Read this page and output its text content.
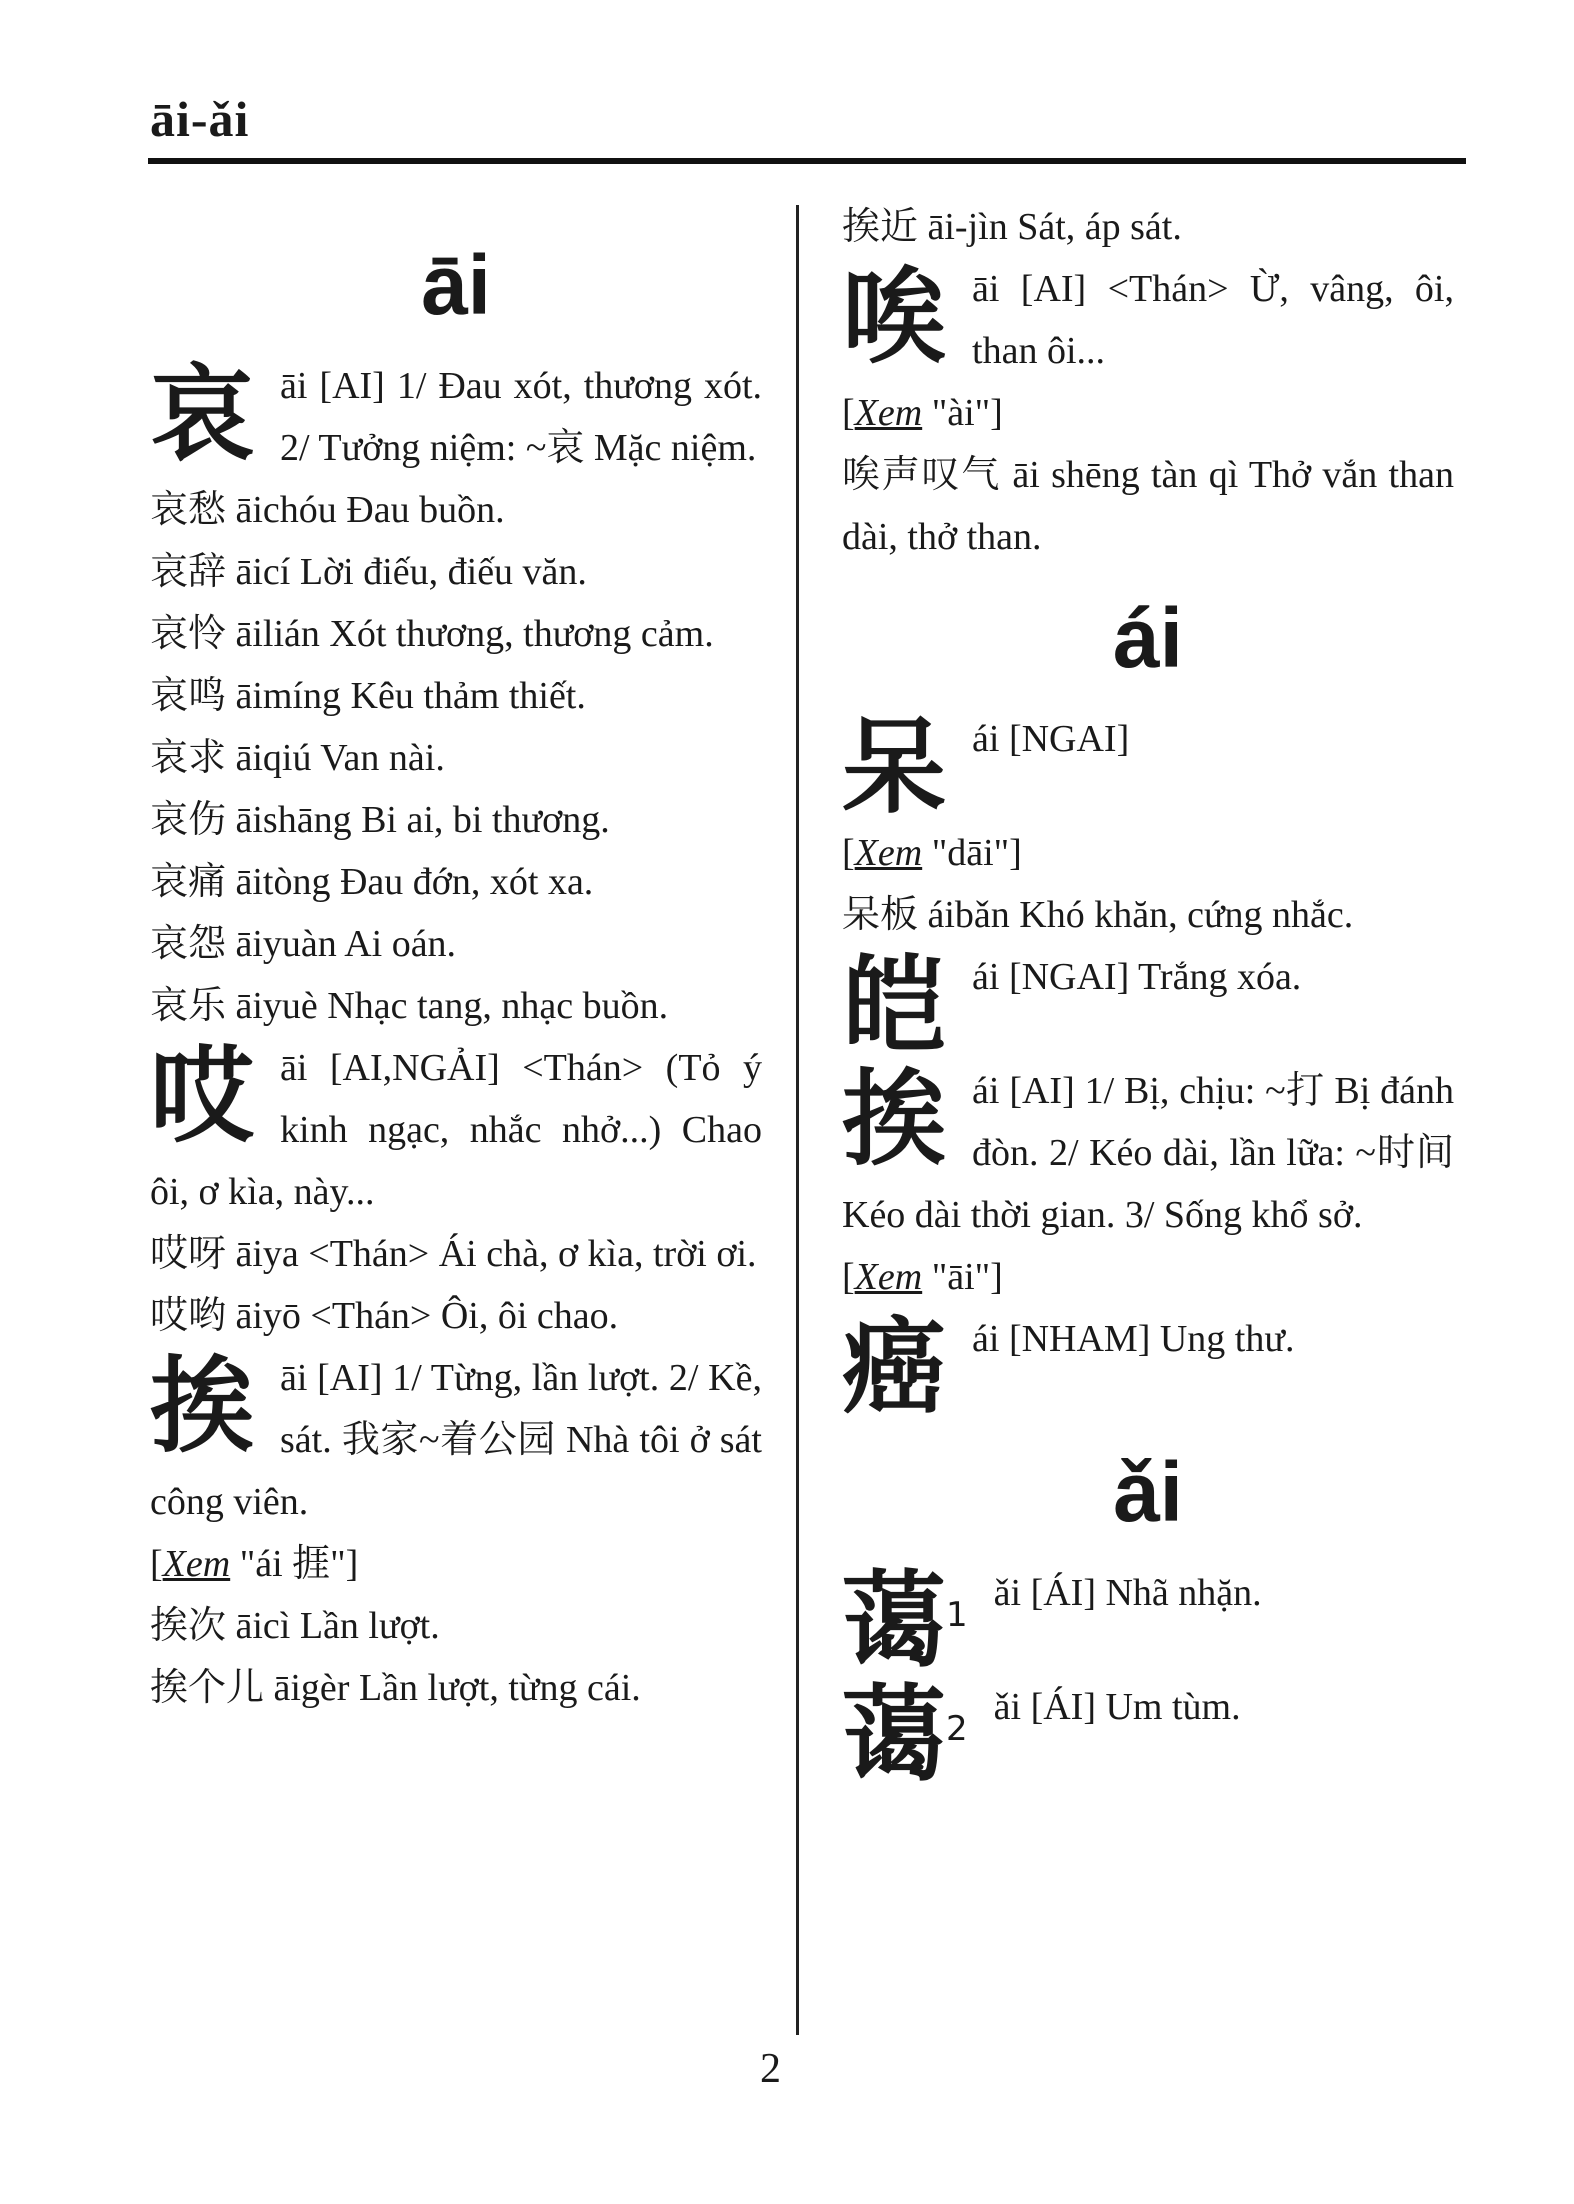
āi-ǎi
āi
哀 āi [AI] 1/ Đau xót, thương xót. 2/ Tưởng niệm: ~哀 Mặc niệm.
哀愁 āichóu Đau buồn.
哀辞 āicí Lời điếu, điếu văn.
哀怜 āilián Xót thương, thương cảm.
哀鸣 āimíng Kêu thảm thiết.
哀求 āiqiú Van nài.
哀伤 āishāng Bi ai, bi thương.
哀痛 āitòng Đau đớn, xót xa.
哀怨 āiyuàn Ai oán.
哀乐 āiyuè Nhạc tang, nhạc buồn.
哎 āi [AI,NGẢI] <Thán> (Tỏ ý kinh ngạc, nhắc nhở...) Chao ôi, ơ kìa, này...
哎呀 āiya <Thán> Ái chà, ơ kìa, trời ơi.
哎哟 āiyō <Thán> Ôi, ôi chao.
挨 āi [AI] 1/ Từng, lần lượt. 2/ Kề, sát. 我家~着公园 Nhà tôi ở sát công viên.
[Xem "ái 捱"]
挨次 āicì Lần lượt.
挨个儿 āigèr Lần lượt, từng cái.
挨近 āi-jìn Sát, áp sát.
唉 āi [AI] <Thán> Ừ, vâng, ôi, than ôi...
[Xem "ài"]
唉声叹气 āi shēng tàn qì Thở vắn than dài, thở than.
ái
呆 ái [NGAI]
[Xem "dāi"]
呆板 áibǎn Khó khăn, cứng nhắc.
皑 ái [NGAI] Trắng xóa.
挨 ái [AI] 1/ Bị, chịu: ~打 Bị đánh đòn. 2/ Kéo dài, lần lữa: ~时间 Kéo dài thời gian. 3/ Sống khổ sở.
[Xem "āi"]
癌 ái [NHAM] Ung thư.
ǎi
蔼$^1$
ǎi [ÁI] Nhã nhặn.
蔼$^2$
ǎi [ÁI] Um tùm.
2
